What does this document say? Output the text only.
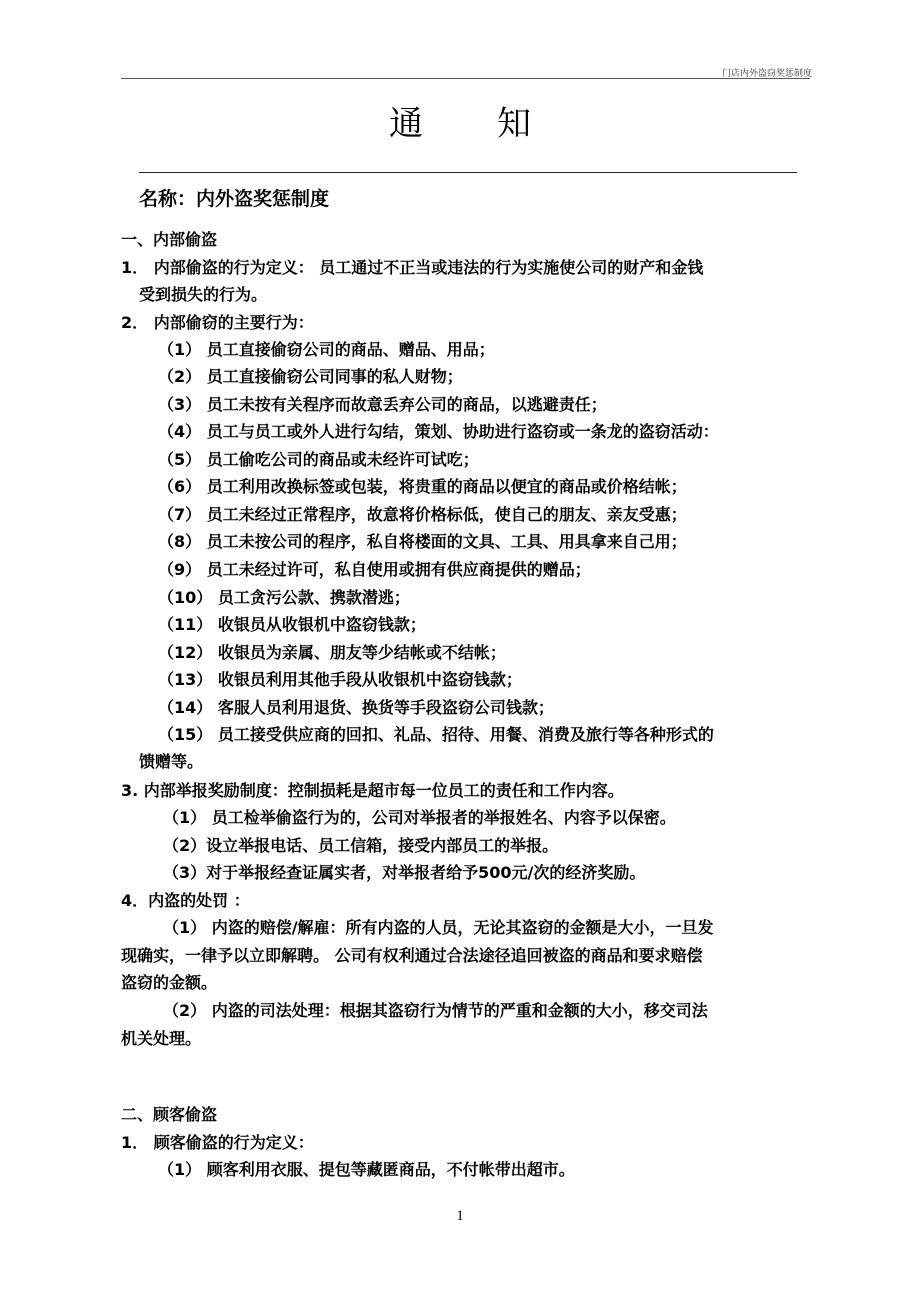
门店内外盗窃奖惩制度
通知
名称：内外盗奖惩制度
一、内部偷盗
1． 内部偷盗的行为定义： 员工通过不正当或违法的行为实施使公司的财产和金钱
受到损失的行为。
2． 内部偷窃的主要行为：
（1） 员工直接偷窃公司的商品、赠品、用品；
（2） 员工直接偷窃公司同事的私人财物；
（3） 员工未按有关程序而故意丢弃公司的商品，以逃避责任；
（4） 员工与员工或外人进行勾结，策划、协助进行盗窃或一条龙的盗窃活动：
（5） 员工偷吃公司的商品或未经许可试吃；
（6） 员工利用改换标签或包装，将贵重的商品以便宜的商品或价格结帐；
（7） 员工未经过正常程序，故意将价格标低，使自己的朋友、亲友受惠；
（8） 员工未按公司的程序，私自将楼面的文具、工具、用具拿来自己用；
（9） 员工未经过许可，私自使用或拥有供应商提供的赠品；
（10） 员工贪污公款、携款潜逃；
（11） 收银员从收银机中盗窃钱款；
（12） 收银员为亲属、朋友等少结帐或不结帐；
（13） 收银员利用其他手段从收银机中盗窃钱款；
（14） 客服人员利用退货、换货等手段盗窃公司钱款；
（15） 员工接受供应商的回扣、礼品、招待、用餐、消费及旅行等各种形式的
馈赠等。
3. 内部举报奖励制度：控制损耗是超市每一位员工的责任和工作内容。
（1） 员工检举偷盗行为的，公司对举报者的举报姓名、内容予以保密。
（2）设立举报电话、员工信箱，接受内部员工的举报。
（3）对于举报经查证属实者，对举报者给予500元/次的经济奖励。
4．内盗的处罚 ：
（1） 内盗的赔偿/解雇：所有内盗的人员，无论其盗窃的金额是大小，一旦发
现确实，一律予以立即解聘。 公司有权利通过合法途径追回被盗的商品和要求赔偿
盗窃的金额。
（2） 内盗的司法处理：根据其盗窃行为情节的严重和金额的大小，移交司法
机关处理。
二、顾客偷盗
1． 顾客偷盗的行为定义：
（1） 顾客利用衣服、提包等藏匿商品，不付帐带出超市。
1
